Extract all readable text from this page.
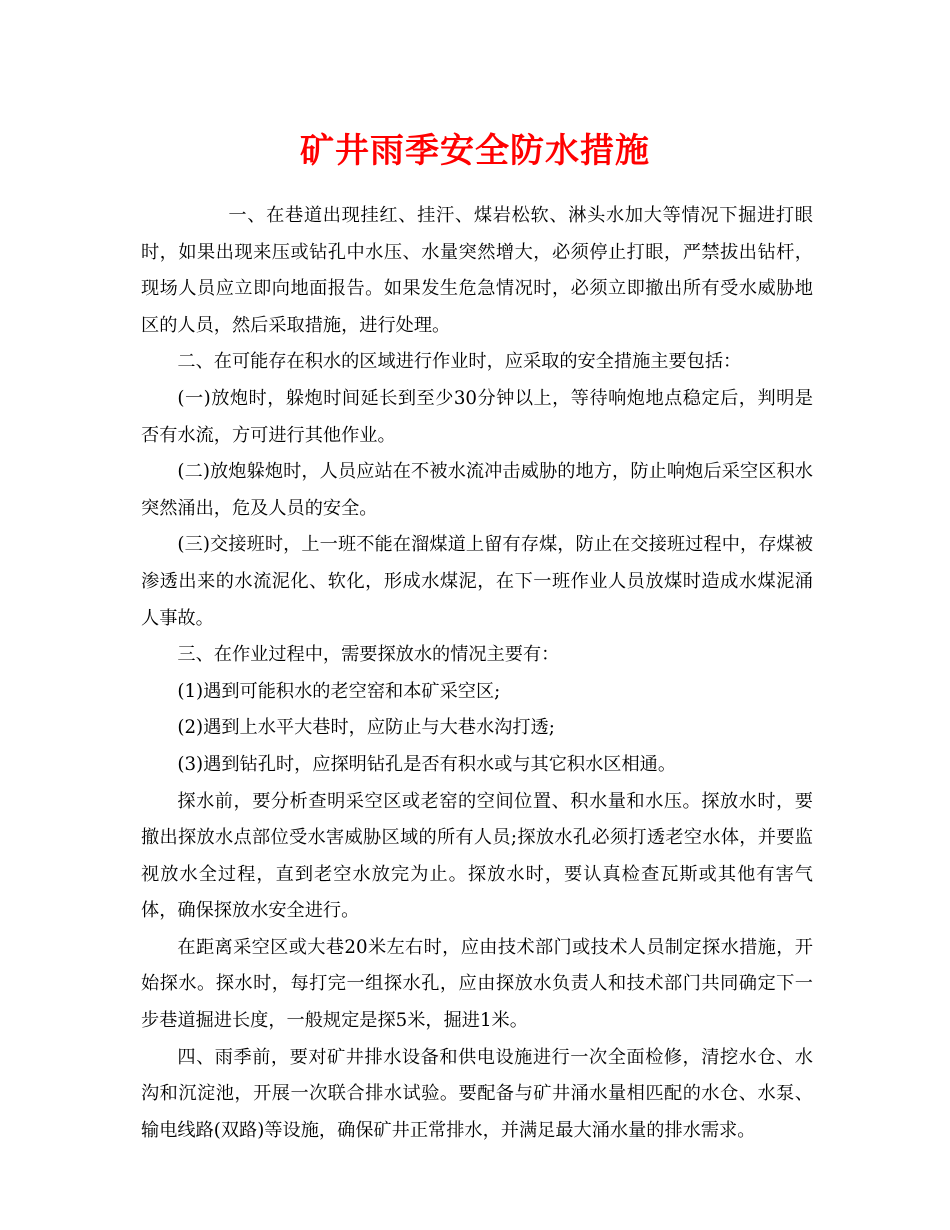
矿井雨季安全防水措施

一、在巷道出现挂红、挂汗、煤岩松软、淋头水加大等情况下掘进打眼时，如果出现来压或钻孔中水压、水量突然增大，必须停止打眼，严禁拔出钻杆，现场人员应立即向地面报告。如果发生危急情况时，必须立即撤出所有受水威胁地区的人员，然后采取措施，进行处理。

二、在可能存在积水的区域进行作业时，应采取的安全措施主要包括：

(一)放炮时，躲炮时间延长到至少30分钟以上，等待响炮地点稳定后，判明是否有水流，方可进行其他作业。

(二)放炮躲炮时，人员应站在不被水流冲击威胁的地方，防止响炮后采空区积水突然涌出，危及人员的安全。

(三)交接班时，上一班不能在溜煤道上留有存煤，防止在交接班过程中，存煤被渗透出来的水流泥化、软化，形成水煤泥，在下一班作业人员放煤时造成水煤泥涌人事故。

三、在作业过程中，需要探放水的情况主要有：

(1)遇到可能积水的老空窑和本矿采空区;

(2)遇到上水平大巷时，应防止与大巷水沟打透;

(3)遇到钻孔时，应探明钻孔是否有积水或与其它积水区相通。

探水前，要分析查明采空区或老窑的空间位置、积水量和水压。探放水时，要撤出探放水点部位受水害威胁区域的所有人员;探放水孔必须打透老空水体，并要监视放水全过程，直到老空水放完为止。探放水时，要认真检查瓦斯或其他有害气体，确保探放水安全进行。

在距离采空区或大巷20米左右时，应由技术部门或技术人员制定探水措施，开始探水。探水时，每打完一组探水孔，应由探放水负责人和技术部门共同确定下一步巷道掘进长度，一般规定是探5米，掘进1米。

四、雨季前，要对矿井排水设备和供电设施进行一次全面检修，清挖水仓、水沟和沉淀池，开展一次联合排水试验。要配备与矿井涌水量相匹配的水仓、水泵、输电线路(双路)等设施，确保矿井正常排水，并满足最大涌水量的排水需求。
